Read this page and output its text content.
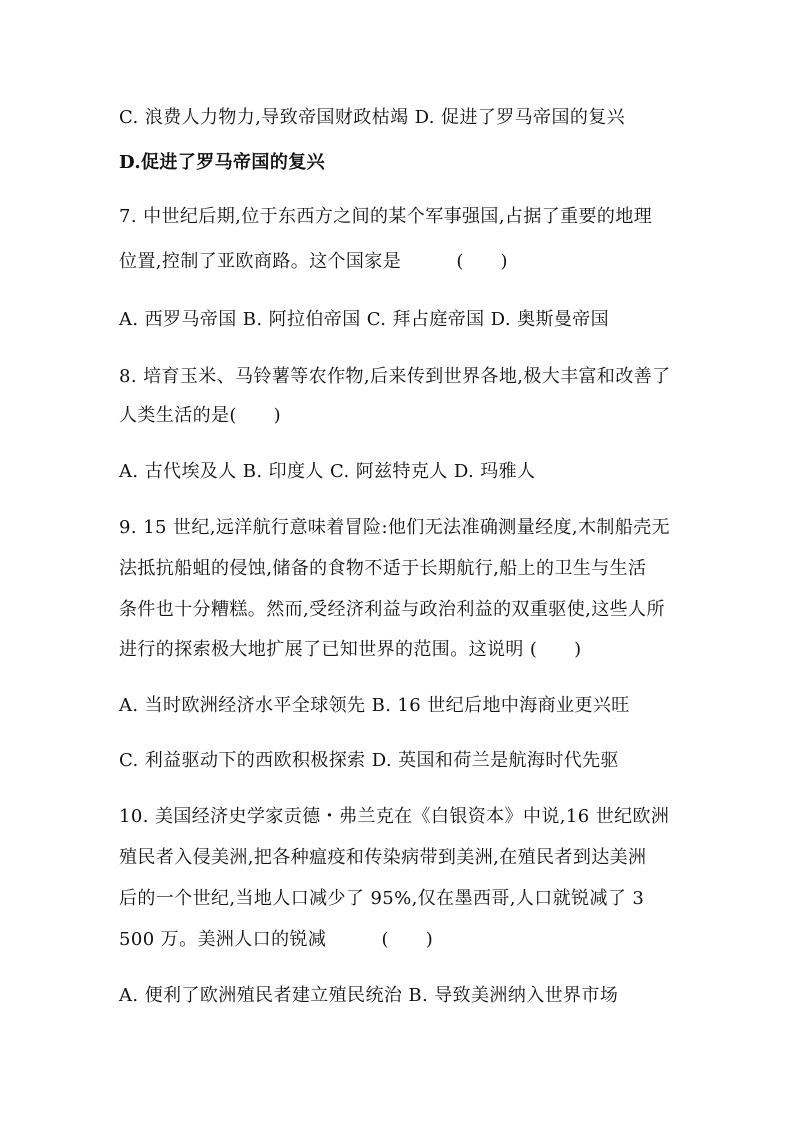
C. 浪费人力物力,导致帝国财政枯竭 D. 促进了罗马帝国的复兴
D.促进了罗马帝国的复兴
7. 中世纪后期,位于东西方之间的某个军事强国,占据了重要的地理
位置,控制了亚欧商路。这个国家是　　　(　　)
A. 西罗马帝国 B. 阿拉伯帝国 C. 拜占庭帝国 D. 奥斯曼帝国
8. 培育玉米、马铃薯等农作物,后来传到世界各地,极大丰富和改善了
人类生活的是(　　)
A. 古代埃及人 B. 印度人 C. 阿兹特克人 D. 玛雅人
9. 15 世纪,远洋航行意味着冒险:他们无法准确测量经度,木制船壳无
法抵抗船蛆的侵蚀,储备的食物不适于长期航行,船上的卫生与生活
条件也十分糟糕。然而,受经济利益与政治利益的双重驱使,这些人所
进行的探索极大地扩展了已知世界的范围。这说明 (　　)
A. 当时欧洲经济水平全球领先 B. 16 世纪后地中海商业更兴旺
C. 利益驱动下的西欧积极探索 D. 英国和荷兰是航海时代先驱
10. 美国经济史学家贡德・弗兰克在《白银资本》中说,16 世纪欧洲
殖民者入侵美洲,把各种瘟疫和传染病带到美洲,在殖民者到达美洲
后的一个世纪,当地人口减少了 95%,仅在墨西哥,人口就锐减了 3
500 万。美洲人口的锐减　　　(　　)
A. 便利了欧洲殖民者建立殖民统治 B. 导致美洲纳入世界市场
